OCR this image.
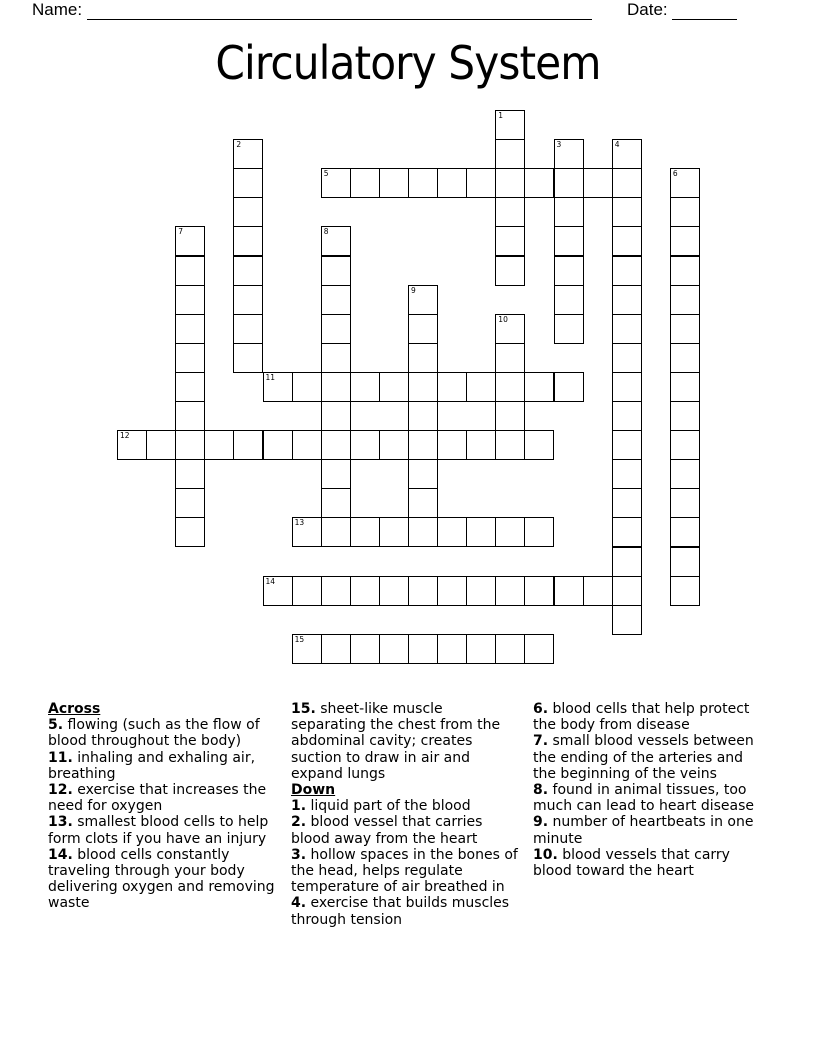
Name:	Date:
Circulatory System
1
2	3	4
5	6
7	8
9
10
11
12
13
14
15
Across
5. flowing (such as the flow of blood throughout the body)
11. inhaling and exhaling air, breathing
12. exercise that increases the need for oxygen
13. smallest blood cells to help form clots if you have an injury
14. blood cells constantly traveling through your body delivering oxygen and removing waste
15. sheet-like muscle separating the chest from the abdominal cavity; creates suction to draw in air and expand lungs
Down
1. liquid part of the blood
2. blood vessel that carries blood away from the heart
3. hollow spaces in the bones of the head, helps regulate temperature of air breathed in
4. exercise that builds muscles through tension
6. blood cells that help protect the body from disease
7. small blood vessels between the ending of the arteries and the beginning of the veins
8. found in animal tissues, too much can lead to heart disease
9. number of heartbeats in one minute
10. blood vessels that carry blood toward the heart
